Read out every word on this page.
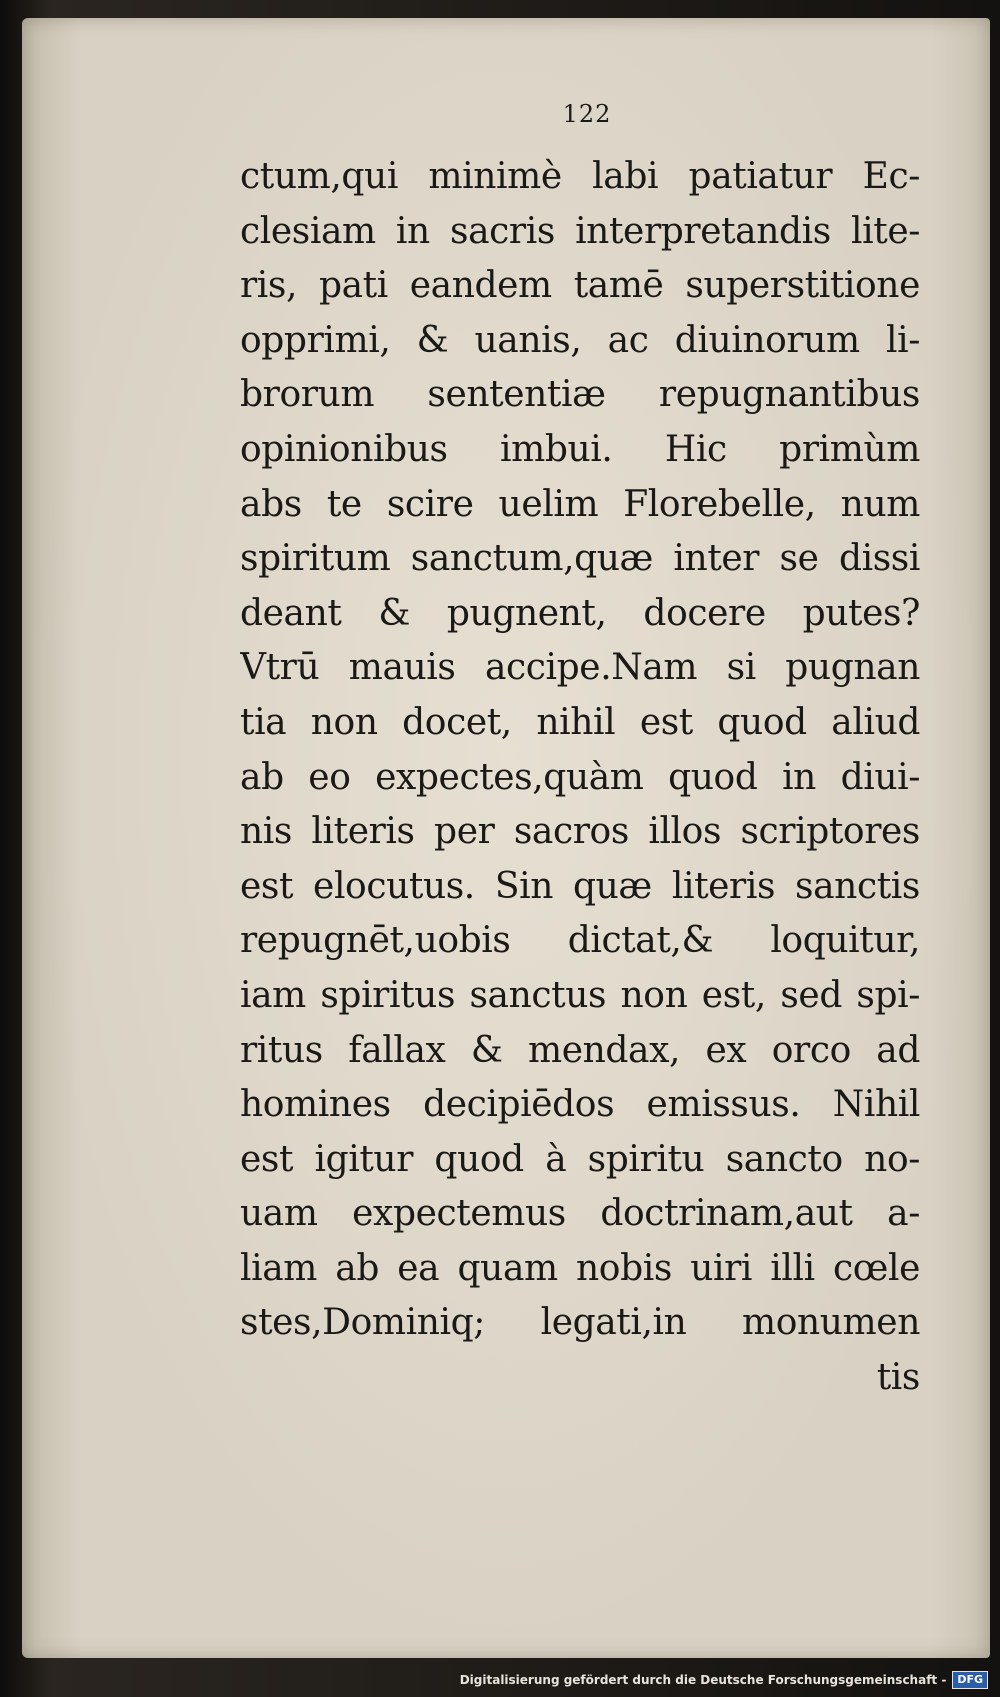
122
ctum,qui minimè labi patiatur Ec-
clesiam in sacris interpretandis lite-
ris, pati eandem tamē superstitione
opprimi, & uanis, ac diuinorum li-
brorum sententiæ repugnantibus
opinionibus imbui. Hic primùm
abs te scire uelim Florebelle, num
spiritum sanctum,quæ inter se dissi
deant & pugnent, docere putes?
Vtrū mauis accipe.Nam si pugnan
tia non docet, nihil est quod aliud
ab eo expectes,quàm quod in diui-
nis literis per sacros illos scriptores
est elocutus. Sin quæ literis sanctis
repugnēt,uobis dictat,& loquitur,
iam spiritus sanctus non est, sed spi-
ritus fallax & mendax, ex orco ad
homines decipiēdos emissus. Nihil
est igitur quod à spiritu sancto no-
uam expectemus doctrinam,aut a-
liam ab ea quam nobis uiri illi cœle
stes,Dominiq; legati,in monumen
tis
Digitalisierung gefördert durch die Deutsche Forschungsgemeinschaft -	DFG
